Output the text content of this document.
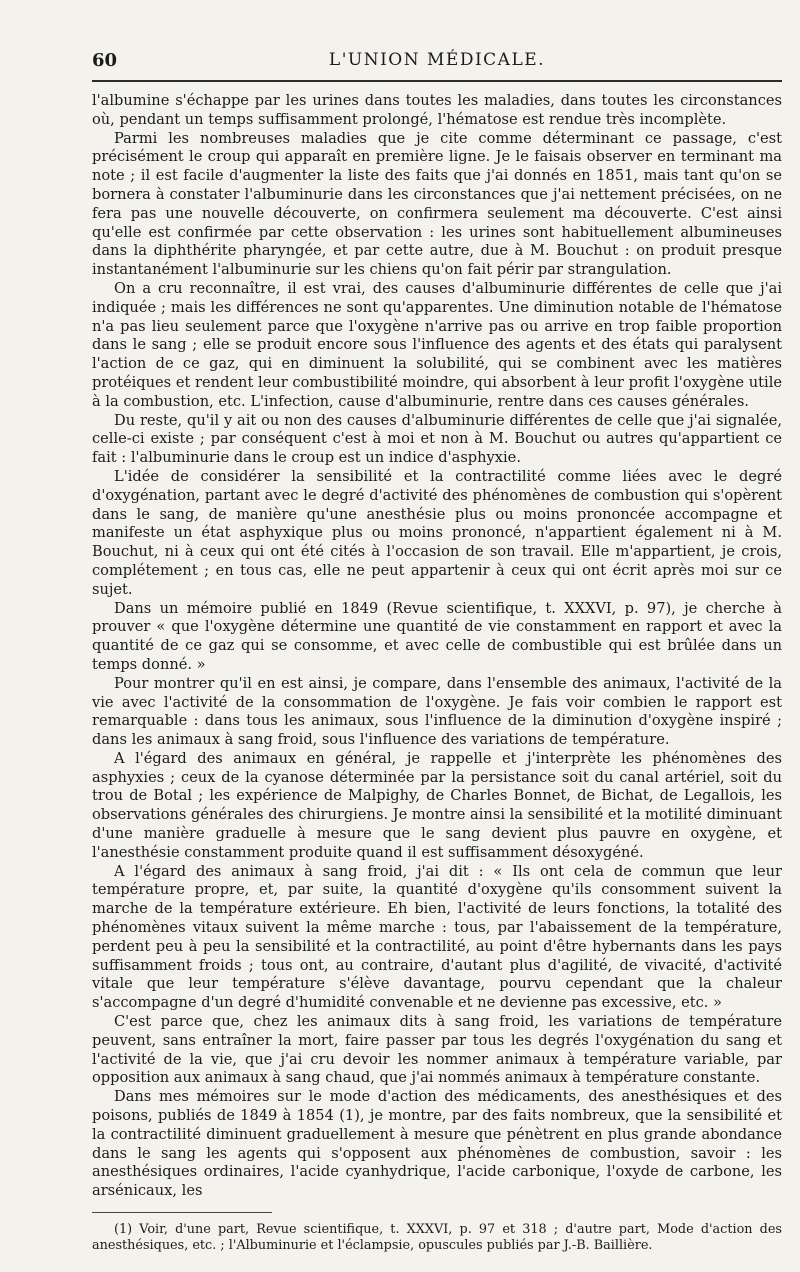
60	L'UNION MÉDICALE.

l'albumine s'échappe par les urines dans toutes les maladies, dans toutes les circonstances où, pendant un temps suffisamment prolongé, l'hématose est rendue très incomplète.

Parmi les nombreuses maladies que je cite comme déterminant ce passage, c'est précisément le croup qui apparaît en première ligne. Je le faisais observer en terminant ma note ; il est facile d'augmenter la liste des faits que j'ai donnés en 1851, mais tant qu'on se bornera à constater l'albuminurie dans les circonstances que j'ai nettement précisées, on ne fera pas une nouvelle découverte, on confirmera seulement ma découverte. C'est ainsi qu'elle est confirmée par cette observation : les urines sont habituellement albumineuses dans la diphthérite pharyngée, et par cette autre, due à M. Bouchut : on produit presque instantanément l'albuminurie sur les chiens qu'on fait périr par strangulation.

On a cru reconnaître, il est vrai, des causes d'albuminurie différentes de celle que j'ai indiquée ; mais les différences ne sont qu'apparentes. Une diminution notable de l'hématose n'a pas lieu seulement parce que l'oxygène n'arrive pas ou arrive en trop faible proportion dans le sang ; elle se produit encore sous l'influence des agents et des états qui paralysent l'action de ce gaz, qui en diminuent la solubilité, qui se combinent avec les matières protéiques et rendent leur combustibilité moindre, qui absorbent à leur profit l'oxygène utile à la combustion, etc. L'infection, cause d'albuminurie, rentre dans ces causes générales.

Du reste, qu'il y ait ou non des causes d'albuminurie différentes de celle que j'ai signalée, celle-ci existe ; par conséquent c'est à moi et non à M. Bouchut ou autres qu'appartient ce fait : l'albuminurie dans le croup est un indice d'asphyxie.

L'idée de considérer la sensibilité et la contractilité comme liées avec le degré d'oxygénation, partant avec le degré d'activité des phénomènes de combustion qui s'opèrent dans le sang, de manière qu'une anesthésie plus ou moins prononcée accompagne et manifeste un état asphyxique plus ou moins prononcé, n'appartient également ni à M. Bouchut, ni à ceux qui ont été cités à l'occasion de son travail. Elle m'appartient, je crois, complétement ; en tous cas, elle ne peut appartenir à ceux qui ont écrit après moi sur ce sujet.

Dans un mémoire publié en 1849 (Revue scientifique, t. XXXVI, p. 97), je cherche à prouver « que l'oxygène détermine une quantité de vie constamment en rapport et avec la quantité de ce gaz qui se consomme, et avec celle de combustible qui est brûlée dans un temps donné. »

Pour montrer qu'il en est ainsi, je compare, dans l'ensemble des animaux, l'activité de la vie avec l'activité de la consommation de l'oxygène. Je fais voir combien le rapport est remarquable : dans tous les animaux, sous l'influence de la diminution d'oxygène inspiré ; dans les animaux à sang froid, sous l'influence des variations de température.

A l'égard des animaux en général, je rappelle et j'interprète les phénomènes des asphyxies ; ceux de la cyanose déterminée par la persistance soit du canal artériel, soit du trou de Botal ; les expérience de Malpighy, de Charles Bonnet, de Bichat, de Legallois, les observations générales des chirurgiens. Je montre ainsi la sensibilité et la motilité diminuant d'une manière graduelle à mesure que le sang devient plus pauvre en oxygène, et l'anesthésie constamment produite quand il est suffisamment désoxygéné.

A l'égard des animaux à sang froid, j'ai dit : « Ils ont cela de commun que leur température propre, et, par suite, la quantité d'oxygène qu'ils consomment suivent la marche de la température extérieure. Eh bien, l'activité de leurs fonctions, la totalité des phénomènes vitaux suivent la même marche : tous, par l'abaissement de la température, perdent peu à peu la sensibilité et la contractilité, au point d'être hybernants dans les pays suffisamment froids ; tous ont, au contraire, d'autant plus d'agilité, de vivacité, d'activité vitale que leur température s'élève davantage, pourvu cependant que la chaleur s'accompagne d'un degré d'humidité convenable et ne devienne pas excessive, etc. »

C'est parce que, chez les animaux dits à sang froid, les variations de température peuvent, sans entraîner la mort, faire passer par tous les degrés l'oxygénation du sang et l'activité de la vie, que j'ai cru devoir les nommer animaux à température variable, par opposition aux animaux à sang chaud, que j'ai nommés animaux à température constante.

Dans mes mémoires sur le mode d'action des médicaments, des anesthésiques et des poisons, publiés de 1849 à 1854 (1), je montre, par des faits nombreux, que la sensibilité et la contractilité diminuent graduellement à mesure que pénètrent en plus grande abondance dans le sang les agents qui s'opposent aux phénomènes de combustion, savoir : les anesthésiques ordinaires, l'acide cyanhydrique, l'acide carbonique, l'oxyde de carbone, les arsénicaux, les

(1) Voir, d'une part, Revue scientifique, t. XXXVI, p. 97 et 318 ; d'autre part, Mode d'action des anesthésiques, etc. ; l'Albuminurie et l'éclampsie, opuscules publiés par J.-B. Baillière.
